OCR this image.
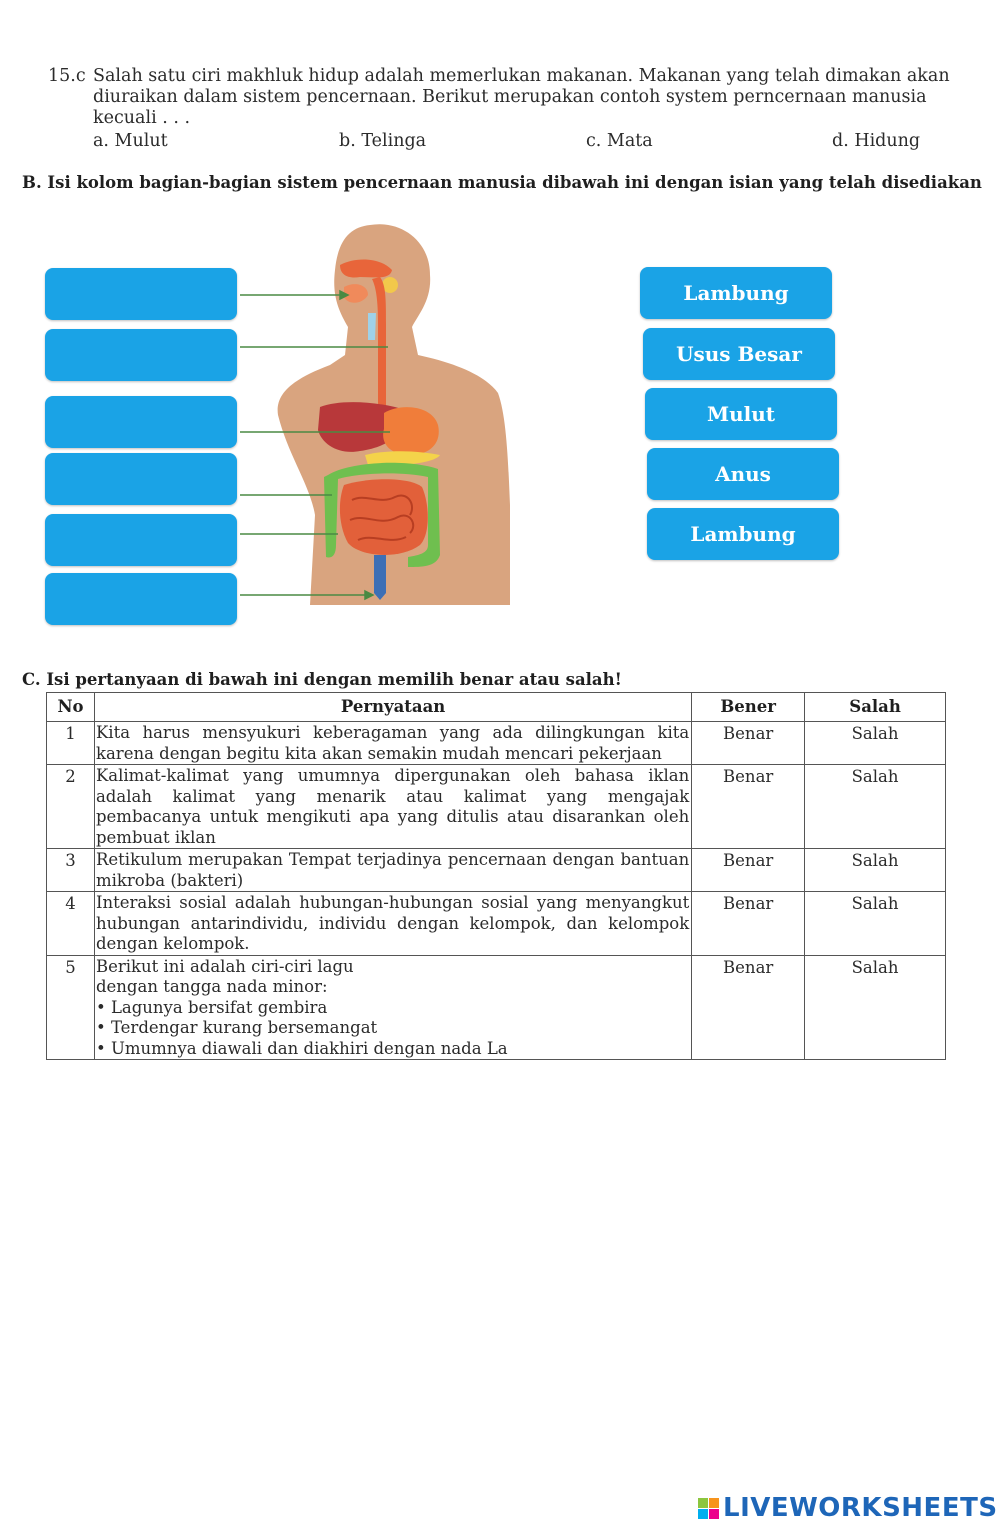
15.c Salah satu ciri makhluk hidup adalah memerlukan makanan. Makanan yang telah dimakan akan diuraikan dalam sistem pencernaan. Berikut merupakan contoh system perncernaan manusia kecuali . . .
a. Mulut	b. Telinga	c. Mata	d. Hidung
B. Isi kolom bagian-bagian sistem pencernaan manusia dibawah ini dengan isian yang telah disediakan
Lambung
Usus Besar
Mulut
Anus
Lambung
C. Isi pertanyaan di bawah ini dengan memilih benar atau salah!
No	Pernyataan	Bener	Salah
1	Kita harus mensyukuri keberagaman yang ada dilingkungan kita karena dengan begitu kita akan semakin mudah mencari pekerjaan	Benar	Salah
2	Kalimat-kalimat yang umumnya dipergunakan oleh bahasa iklan adalah kalimat yang menarik atau kalimat yang mengajak pembacanya untuk mengikuti apa yang ditulis atau disarankan oleh pembuat iklan	Benar	Salah
3	Retikulum merupakan Tempat terjadinya pencernaan dengan bantuan mikroba (bakteri)	Benar	Salah
4	Interaksi sosial adalah hubungan-hubungan sosial yang menyangkut hubungan antarindividu, individu dengan kelompok, dan kelompok dengan kelompok.	Benar	Salah
5	Berikut ini adalah ciri-ciri lagu
dengan tangga nada minor:
• Lagunya bersifat gembira
• Terdengar kurang bersemangat
• Umumnya diawali dan diakhiri dengan nada La	Benar	Salah
LIVEWORKSHEETS
